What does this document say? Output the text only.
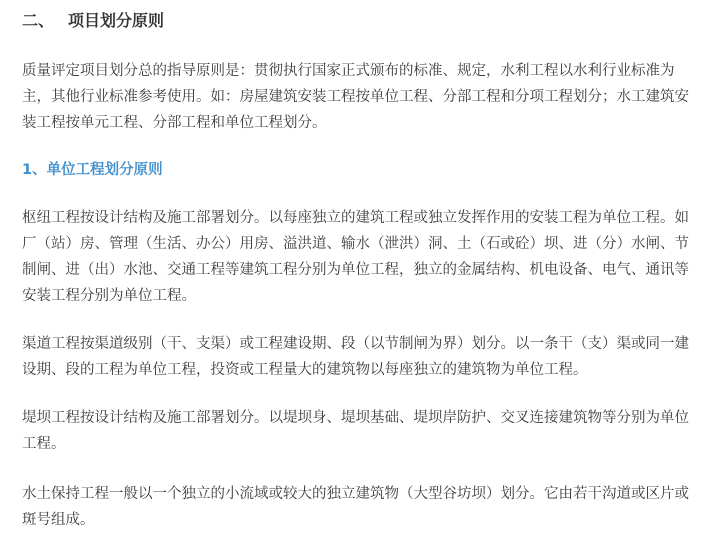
二、 项目划分原则
质量评定项目划分总的指导原则是：贯彻执行国家正式颁布的标准、规定，水利工程以水利行业标准为主，其他行业标准参考使用。如：房屋建筑安装工程按单位工程、分部工程和分项工程划分；水工建筑安装工程按单元工程、分部工程和单位工程划分。
1、单位工程划分原则
枢纽工程按设计结构及施工部署划分。以每座独立的建筑工程或独立发挥作用的安装工程为单位工程。如厂（站）房、管理（生活、办公）用房、溢洪道、输水（泄洪）洞、土（石或砼）坝、进（分）水闸、节制闸、进（出）水池、交通工程等建筑工程分别为单位工程，独立的金属结构、机电设备、电气、通讯等安装工程分别为单位工程。
渠道工程按渠道级别（干、支渠）或工程建设期、段（以节制闸为界）划分。以一条干（支）渠或同一建设期、段的工程为单位工程，投资或工程量大的建筑物以每座独立的建筑物为单位工程。
堤坝工程按设计结构及施工部署划分。以堤坝身、堤坝基础、堤坝岸防护、交叉连接建筑物等分别为单位工程。
水土保持工程一般以一个独立的小流域或较大的独立建筑物（大型谷坊坝）划分。它由若干沟道或区片或斑号组成。
